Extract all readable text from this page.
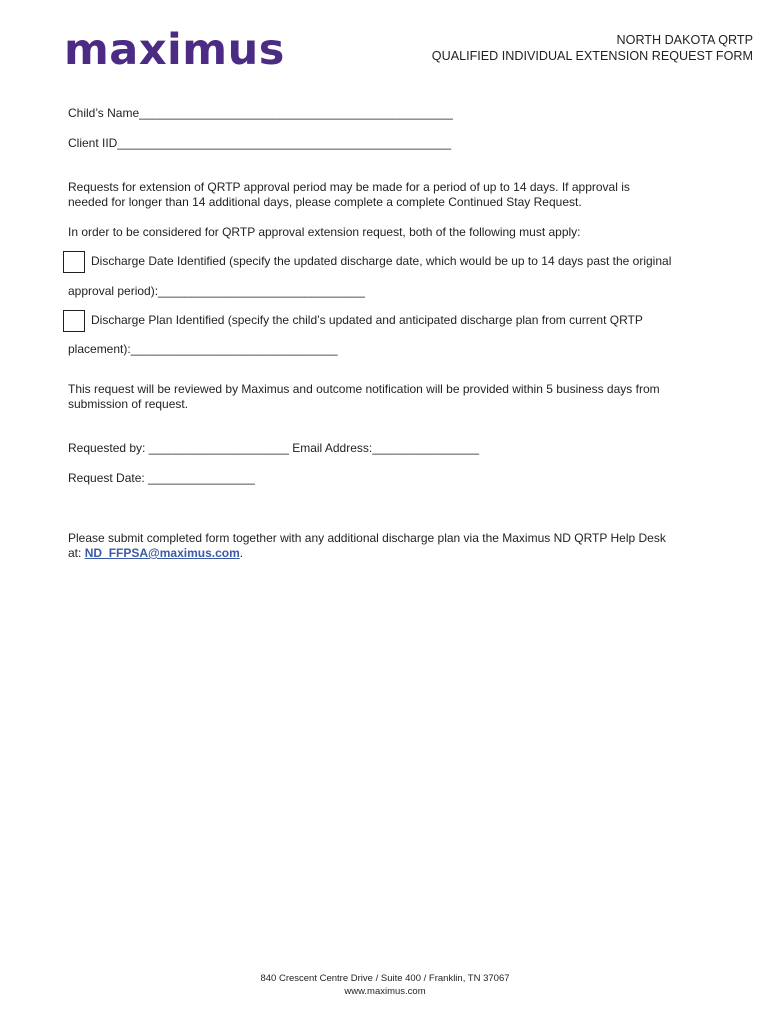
maximus	NORTH DAKOTA QRTP
QUALIFIED INDIVIDUAL EXTENSION REQUEST FORM
Child’s Name_______________________________________________
Client IID__________________________________________________
Requests for extension of QRTP approval period may be made for a period of up to 14 days. If approval is
needed for longer than 14 additional days, please complete a complete Continued Stay Request.
In order to be considered for QRTP approval extension request, both of the following must apply:
Discharge Date Identified (specify the updated discharge date, which would be up to 14 days past the original
approval period):_______________________________
Discharge Plan Identified (specify the child’s updated and anticipated discharge plan from current QRTP
placement):_______________________________
This request will be reviewed by Maximus and outcome notification will be provided within 5 business days from
submission of request.
Requested by: _____________________ Email Address:________________
Request Date: ________________
Please submit completed form together with any additional discharge plan via the Maximus ND QRTP Help Desk
at: ND_FFPSA@maximus.com.
840 Crescent Centre Drive / Suite 400 / Franklin, TN 37067
www.maximus.com
